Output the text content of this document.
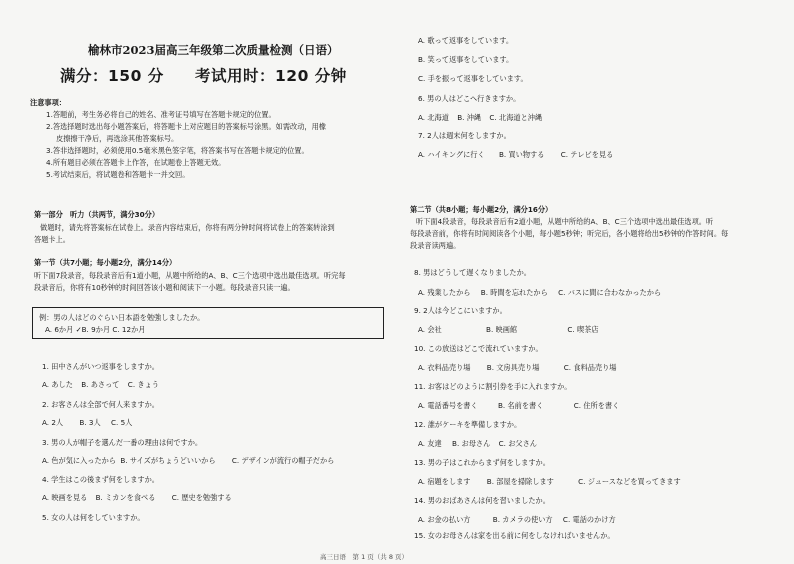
榆林市2023届高三年级第二次质量检测（日语）
满分：150 分 考试用时：120 分钟
注意事项：
1.答题前，考生务必将自己的姓名、准考证号填写在答题卡规定的位置。
2.答选择题时选出每小题答案后，将答题卡上对应题目的答案标号涂黑。如需改动，用橡
皮擦擦干净后，再选涂其他答案标号。
3.答非选择题时，必须使用0.5毫米黑色签字笔，将答案书写在答题卡规定的位置。
4.所有题目必须在答题卡上作答，在试题卷上答题无效。
5.考试结束后，将试题卷和答题卡一并交回。
第一部分　听力（共两节，满分30分）
做题时，请先将答案标在试卷上。录音内容结束后，你将有两分钟时间将试卷上的答案转涂到
答题卡上。
第一节（共7小题；每小题2分，满分14分）
听下面7段录音，每段录音后有1道小题，从题中所给的A、B、C三个选项中选出最佳选项。听完每
段录音后，你将有10秒钟的时间回答该小题和阅读下一小题。每段录音只读一遍。
例：男の人はどのぐらい日本語を勉強しましたか。
A. 6か月 ✓B. 9か月 C. 12か月
1. 田中さんがいつ返事をしますか。
A. あした B. あさって C. きょう
2. お客さんは全部で何人来ますか。
A. 2人 B. 3人 C. 5人
3. 男の人が帽子を選んだ一番の理由は何ですか。
A. 色が気に入ったから B. サイズがちょうどいいから C. デザインが流行の帽子だから
4. 学生はこの後まず何をしますか。
A. 映画を見る B. ミカンを食べる C. 歴史を勉強する
5. 女の人は何をしていますか。
A. 歌って返事をしています。
B. 笑って返事をしています。
C. 手を振って返事をしています。
6. 男の人はどこへ行きますか。
A. 北海道 B. 沖縄 C. 北海道と沖縄
7. 2人は週末何をしますか。
A. ハイキングに行く B. 買い物する C. テレビを見る
第二节（共8小题；每小题2分，满分16分）
听下面4段录音，每段录音后有2道小题，从题中所给的A、B、C三个选项中选出最佳选项。听
每段录音前，你将有时间阅读各个小题，每小题5秒钟；听完后，各小题将给出5秒钟的作答时间。每
段录音读两遍。
8. 男はどうして遅くなりましたか。
A. 残業したから B. 時間を忘れたから C. バスに間に合わなかったから
9. 2人は今どこにいますか。
A. 会社	B. 映画館	C. 喫茶店
10. この放送はどこで流れていますか。
A. 衣料品売り場 B. 文房具売り場	C. 食料品売り場
11. お客はどのように割引券を手に入れますか。
A. 電話番号を書く	B. 名前を書く	C. 住所を書く
12. 誰がケーキを準備しますか。
A. 友達 B. お母さん C. お父さん
13. 男の子はこれからまず何をしますか。
A. 宿題をします B. 部屋を掃除します	C. ジュースなどを買ってきます
14. 男のおばあさんは何を習いましたか。
A. お金の払い方	B. カメラの使い方 C. 電話のかけ方
15. 女のお母さんは家を出る前に何をしなければいませんか。
高三日语　第 1 页（共 8 页）
